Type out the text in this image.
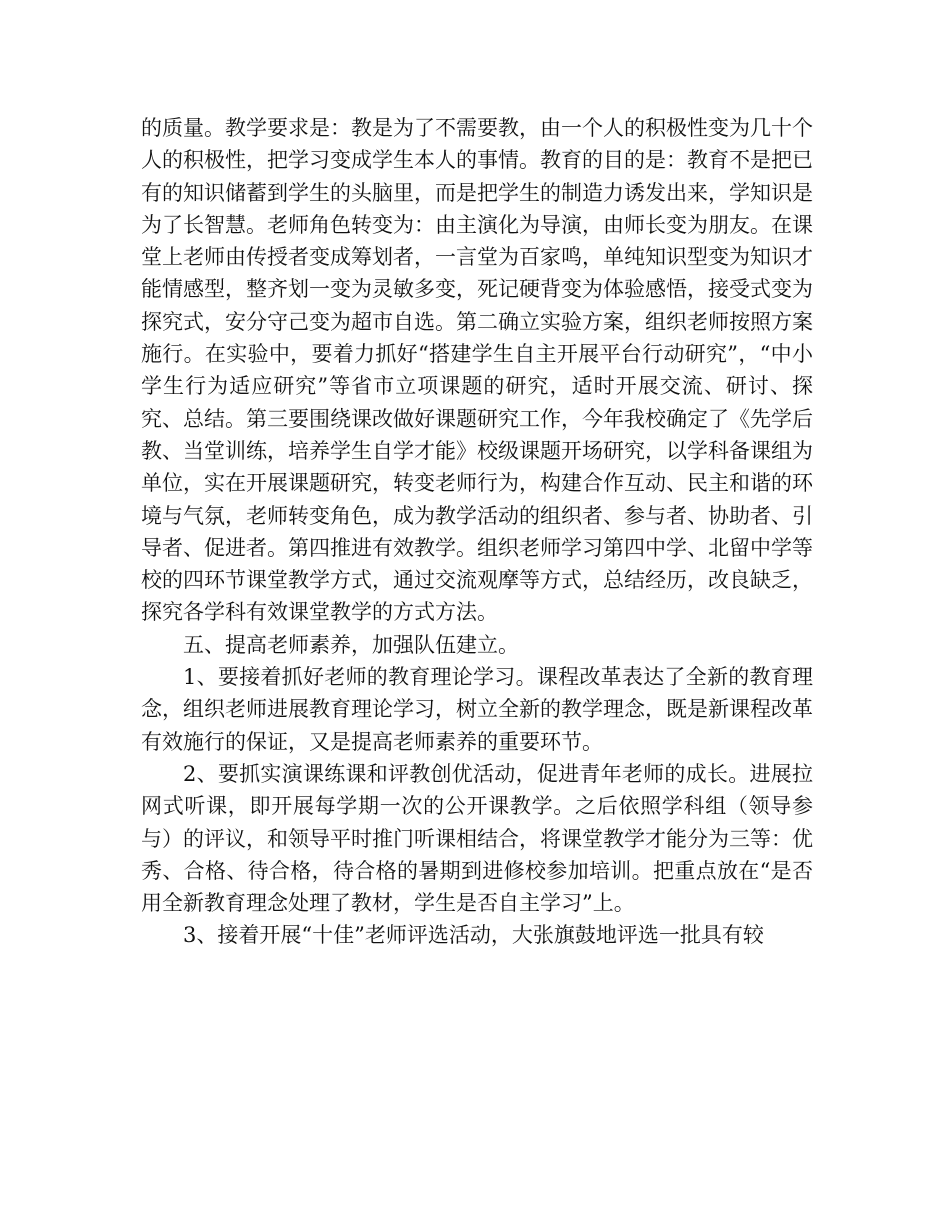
的质量。教学要求是：教是为了不需要教，由一个人的积极性变为几十个人的积极性，把学习变成学生本人的事情。教育的目的是：教育不是把已有的知识储蓄到学生的头脑里，而是把学生的制造力诱发出来，学知识是为了长智慧。老师角色转变为：由主演化为导演，由师长变为朋友。在课堂上老师由传授者变成筹划者，一言堂为百家鸣，单纯知识型变为知识才能情感型，整齐划一变为灵敏多变，死记硬背变为体验感悟，接受式变为探究式，安分守己变为超市自选。第二确立实验方案，组织老师按照方案施行。在实验中，要着力抓好“搭建学生自主开展平台行动研究”，“中小学生行为适应研究”等省市立项课题的研究，适时开展交流、研讨、探究、总结。第三要围绕课改做好课题研究工作，今年我校确定了《先学后教、当堂训练，培养学生自学才能》校级课题开场研究，以学科备课组为单位，实在开展课题研究，转变老师行为，构建合作互动、民主和谐的环境与气氛，老师转变角色，成为教学活动的组织者、参与者、协助者、引导者、促进者。第四推进有效教学。组织老师学习第四中学、北留中学等校的四环节课堂教学方式，通过交流观摩等方式，总结经历，改良缺乏，探究各学科有效课堂教学的方式方法。

五、提高老师素养，加强队伍建立。

1、要接着抓好老师的教育理论学习。课程改革表达了全新的教育理念，组织老师进展教育理论学习，树立全新的教学理念，既是新课程改革有效施行的保证，又是提高老师素养的重要环节。

2、要抓实演课练课和评教创优活动，促进青年老师的成长。进展拉网式听课，即开展每学期一次的公开课教学。之后依照学科组（领导参与）的评议，和领导平时推门听课相结合，将课堂教学才能分为三等：优秀、合格、待合格，待合格的暑期到进修校参加培训。把重点放在“是否用全新教育理念处理了教材，学生是否自主学习”上。

3、接着开展“十佳”老师评选活动，大张旗鼓地评选一批具有较
